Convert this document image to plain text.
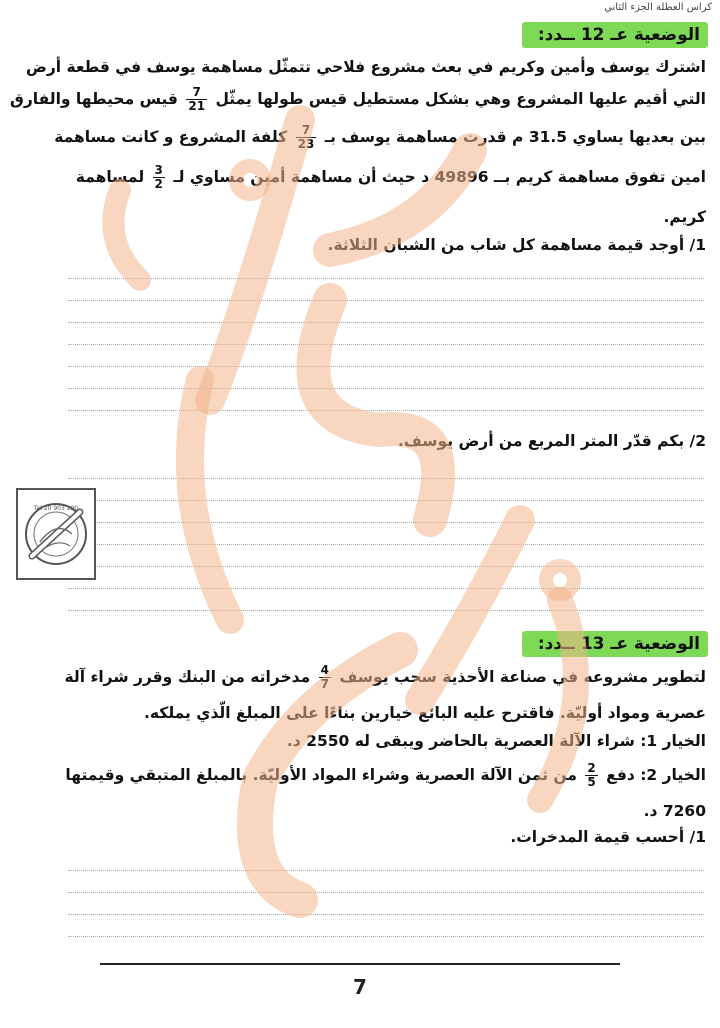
كراس العطلة الجزء الثاني
الوضعية عـ12ــدد:
اشترك يوسف وأمين وكريم في بعث مشروع فلاحي تتمثّل مساهمة يوسف في قطعة أرض
التي أقيم عليها المشروع وهي بشكل مستطيل قيس طولها يمثّل
$\frac{7}{21}$
قيس محيطها والفارق
بين بعديها يساوي 31.5 م قدرت مساهمة يوسف بـ
$\frac{7}{23}$
كلفة المشروع و كانت مساهمة
امين تفوق مساهمة كريم بــ 49896 د حيث أن مساهمة أمين مساوي لـ
$\frac{3}{2}$
لمساهمة
كريم.
1/ أوجد قيمة مساهمة كل شاب من الشبان الثلاثة.
2/ بكم قدّر المتر المربع من أرض يوسف.
Tel 20 903 190
الوضعية عـ13ــدد:
لتطوير مشروعه في صناعة الأحذية سحب يوسف
$\frac{4}{7}$
مدخراته من البنك وقرر شراء آلة
عصرية ومواد أوليّة. فاقترح عليه البائع خيارين بناءًا على المبلغ الّذي يملكه.
الخيار 1: شراء الآلة العصرية بالحاضر ويبقى له 2550 د.
الخيار 2: دفع
$\frac{2}{5}$
من ثمن الآلة العصرية وشراء المواد الأوليّة. بالمبلغ المتبقي وقيمتها
7260 د.
1/ أحسب قيمة المدخرات.
7
